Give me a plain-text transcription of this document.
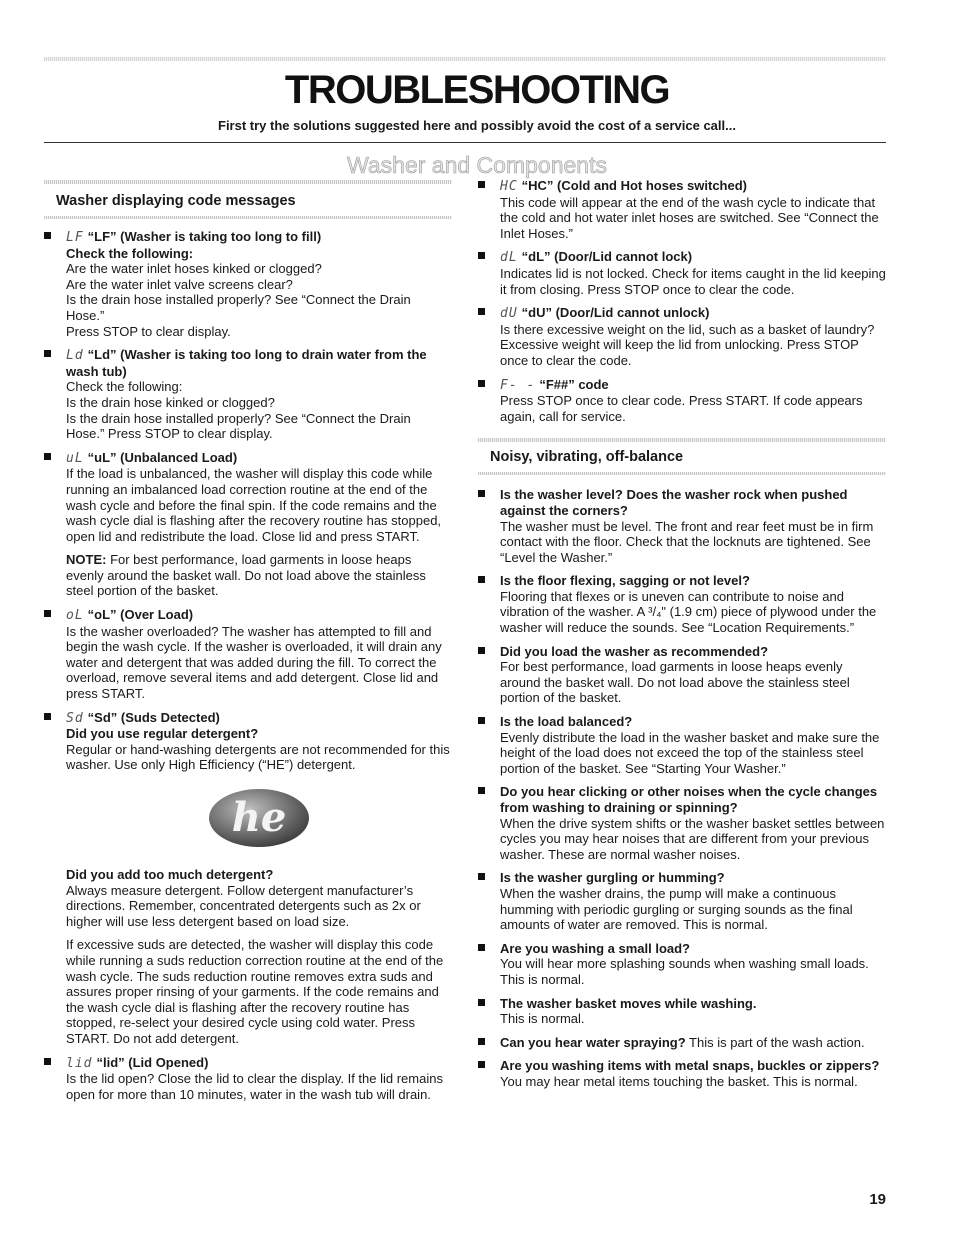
TROUBLESHOOTING
First try the solutions suggested here and possibly avoid the cost of a service call...
Washer and Components
Washer displaying code messages

LF “LF” (Washer is taking too long to fill)

Check the following:

Are the water inlet hoses kinked or clogged?

Are the water inlet valve screens clear?

Is the drain hose installed properly? See “Connect the Drain Hose.”

Press STOP to clear display.

Ld “Ld” (Washer is taking too long to drain water from the wash tub)

Check the following:

Is the drain hose kinked or clogged?

Is the drain hose installed properly? See “Connect the Drain Hose.” Press STOP to clear display.

uL “uL” (Unbalanced Load)

If the load is unbalanced, the washer will display this code while running an imbalanced load correction routine at the end of the wash cycle and before the final spin. If the code remains and the wash cycle dial is flashing after the recovery routine has stopped, open lid and redistribute the load. Close lid and press START.

NOTE: For best performance, load garments in loose heaps evenly around the basket wall. Do not load above the stainless steel portion of the basket.

oL “oL” (Over Load)

Is the washer overloaded? The washer has attempted to fill and begin the wash cycle. If the washer is overloaded, it will drain any water and detergent that was added during the fill. To correct the overload, remove several items and add detergent. Close lid and press START.

Sd “Sd” (Suds Detected)

Did you use regular detergent?

Regular or hand-washing detergents are not recommended for this washer. Use only High Efficiency (“HE”) detergent.

he

Did you add too much detergent?

Always measure detergent. Follow detergent manufacturer’s directions. Remember, concentrated detergents such as 2x or higher will use less detergent based on load size.

If excessive suds are detected, the washer will display this code while running a suds reduction correction routine at the end of the wash cycle. The suds reduction routine removes extra suds and assures proper rinsing of your garments. If the code remains and the wash cycle dial is flashing after the recovery routine has stopped, re-select your desired cycle using cold water. Press START. Do not add detergent.

lid “lid” (Lid Opened)

Is the lid open? Close the lid to clear the display. If the lid remains open for more than 10 minutes, water in the wash tub will drain.

HC “HC” (Cold and Hot hoses switched)

This code will appear at the end of the wash cycle to indicate that the cold and hot water inlet hoses are switched. See “Connect the Inlet Hoses.”

dL “dL” (Door/Lid cannot lock)

Indicates lid is not locked. Check for items caught in the lid keeping it from closing. Press STOP once to clear the code.

dU “dU” (Door/Lid cannot unlock)

Is there excessive weight on the lid, such as a basket of laundry? Excessive weight will keep the lid from unlocking. Press STOP once to clear the code.

F- - “F##” code

Press STOP once to clear code. Press START. If code appears again, call for service.

Noisy, vibrating, off-balance

Is the washer level? Does the washer rock when pushed against the corners?

The washer must be level. The front and rear feet must be in firm contact with the floor. Check that the locknuts are tightened. See “Level the Washer.”

Is the floor flexing, sagging or not level?

Flooring that flexes or is uneven can contribute to noise and vibration of the washer. A ³/₄" (1.9 cm) piece of plywood under the washer will reduce the sounds. See “Location Requirements.”

Did you load the washer as recommended?

For best performance, load garments in loose heaps evenly around the basket wall. Do not load above the stainless steel portion of the basket.

Is the load balanced?

Evenly distribute the load in the washer basket and make sure the height of the load does not exceed the top of the stainless steel portion of the basket. See “Starting Your Washer.”

Do you hear clicking or other noises when the cycle changes from washing to draining or spinning?

When the drive system shifts or the washer basket settles between cycles you may hear noises that are different from your previous washer. These are normal washer noises.

Is the washer gurgling or humming?

When the washer drains, the pump will make a continuous humming with periodic gurgling or surging sounds as the final amounts of water are removed. This is normal.

Are you washing a small load?

You will hear more splashing sounds when washing small loads. This is normal.

The washer basket moves while washing.

This is normal.

Can you hear water spraying? This is part of the wash action.

Are you washing items with metal snaps, buckles or zippers?

You may hear metal items touching the basket. This is normal.

19
